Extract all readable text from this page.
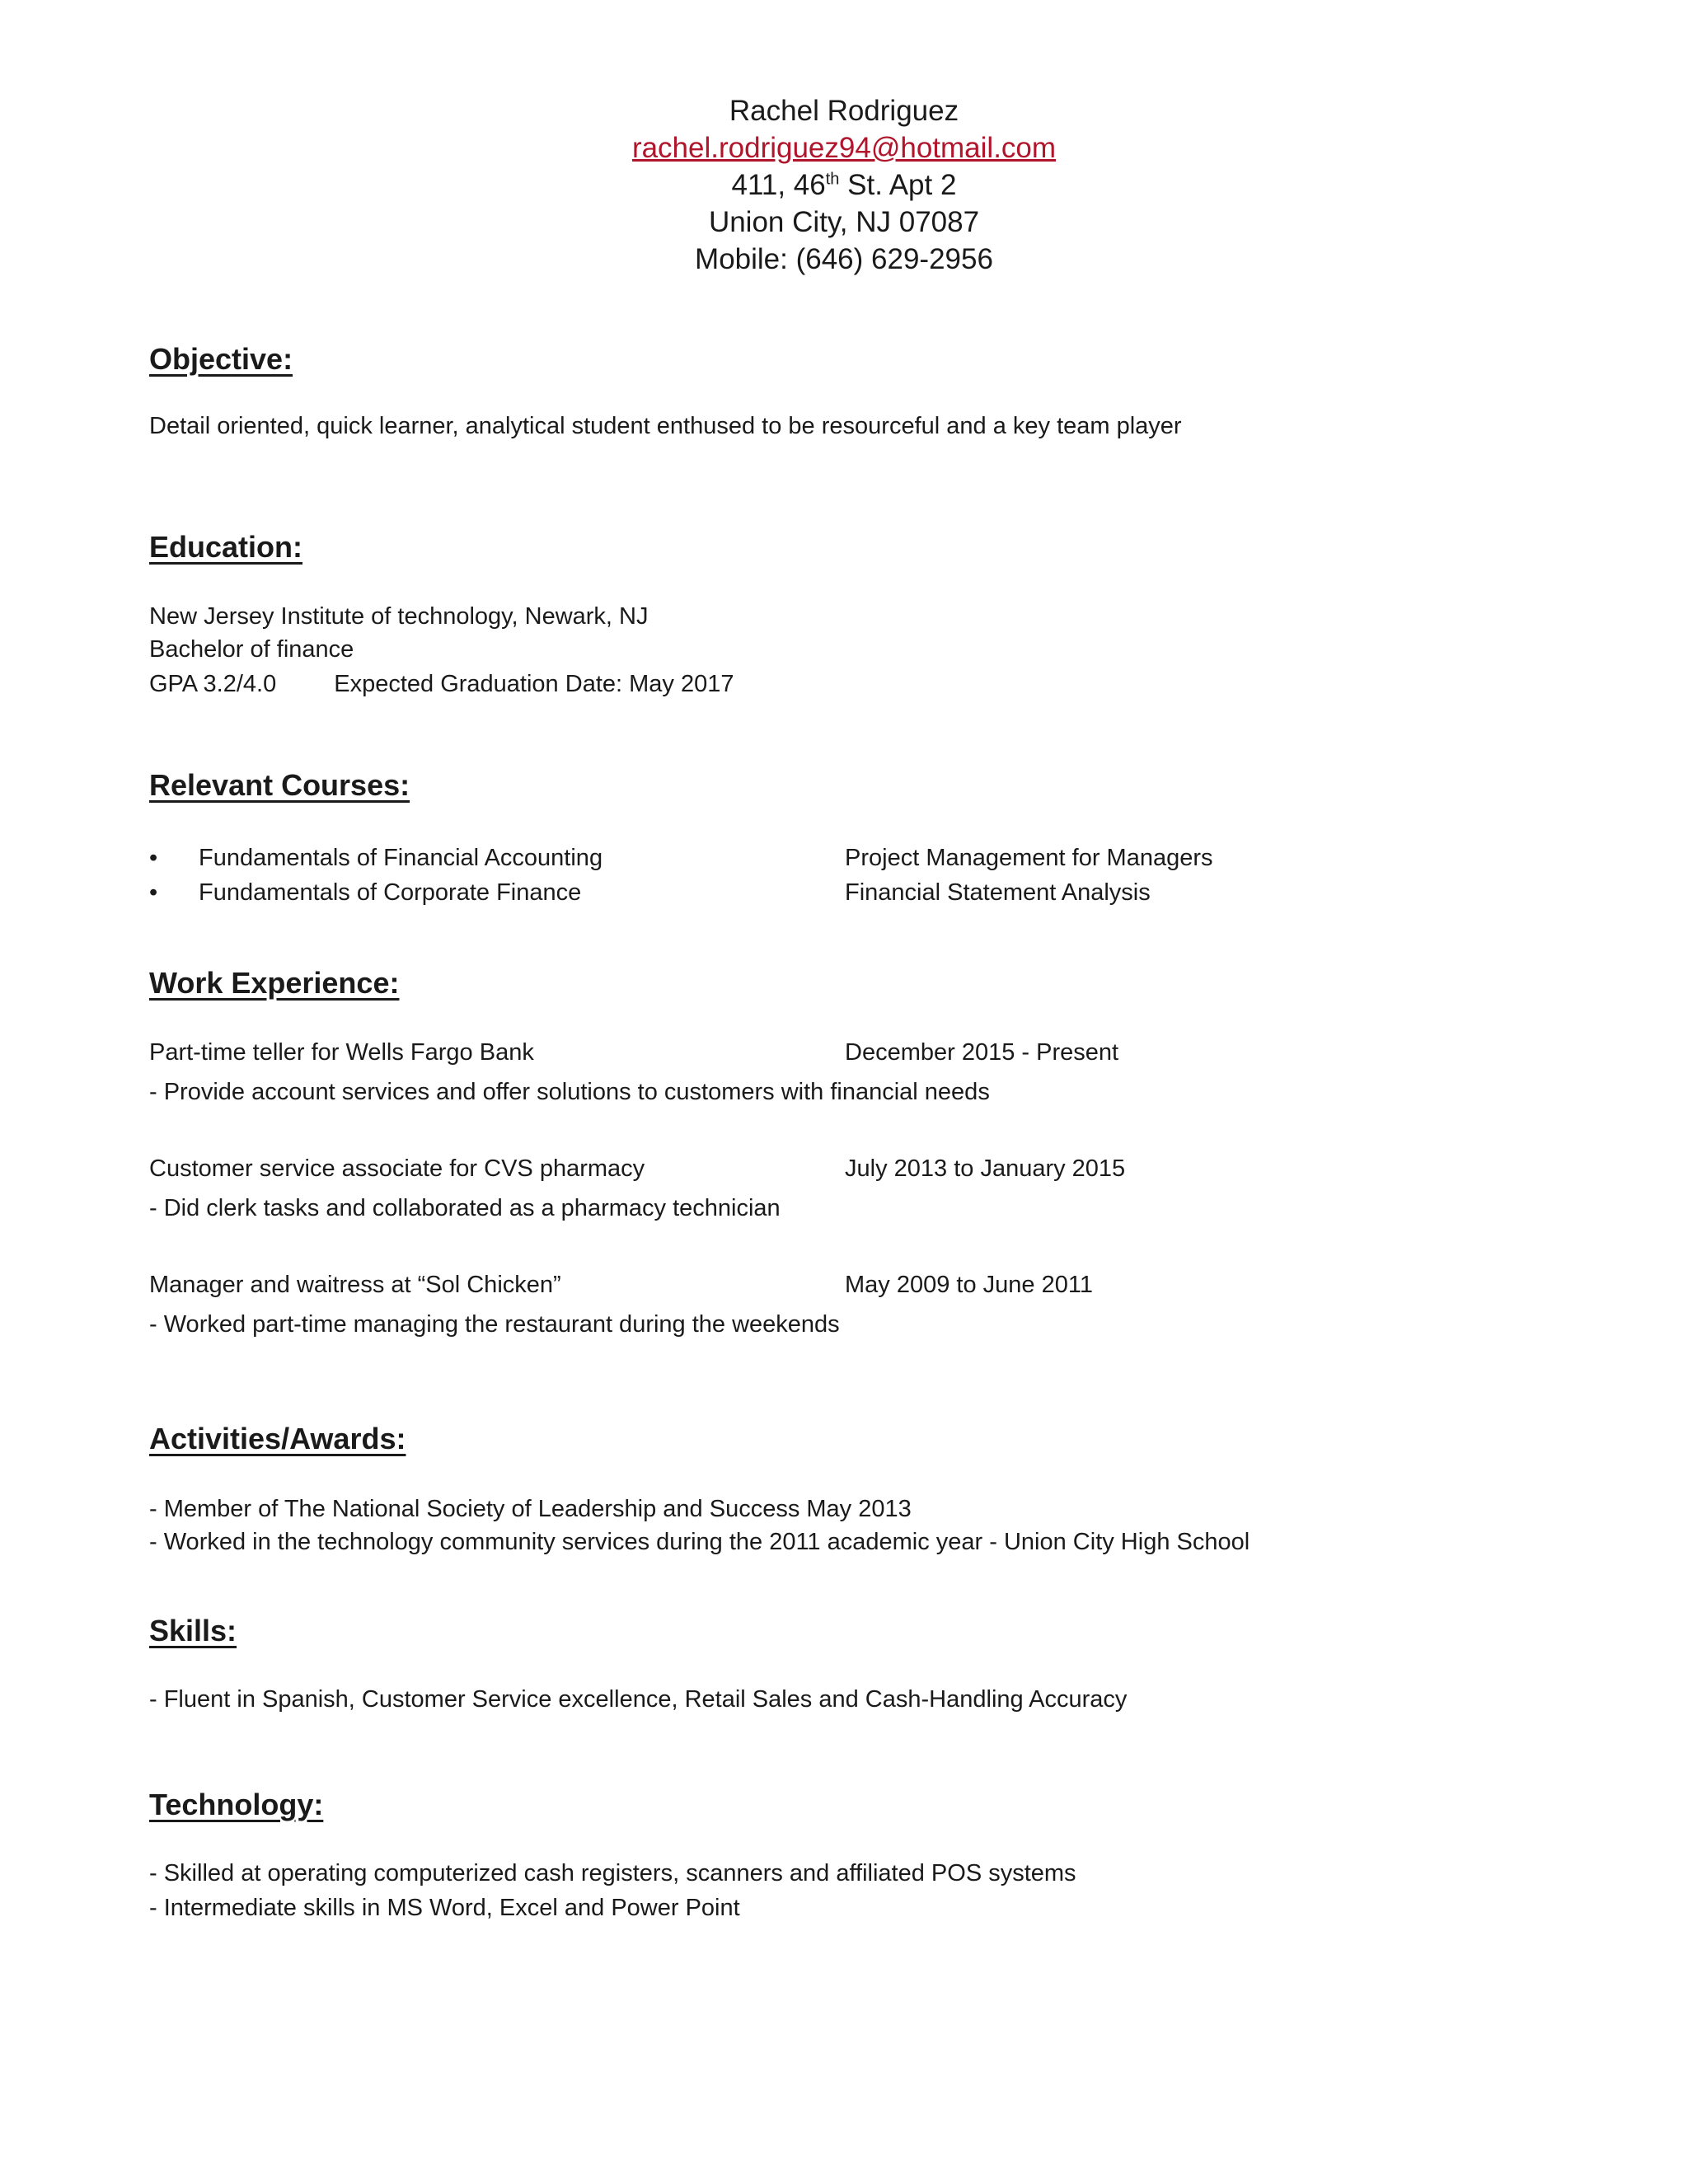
Rachel Rodriguez
rachel.rodriguez94@hotmail.com
411, 46th St. Apt 2
Union City, NJ 07087
Mobile: (646) 629-2956
Objective:
Detail oriented, quick learner, analytical student enthused to be resourceful and a key team player
Education:
New Jersey Institute of technology, Newark, NJ
Bachelor of finance
GPA 3.2/4.0 Expected Graduation Date: May 2017
Relevant Courses:
• Fundamentals of Financial Accounting	Project Management for Managers
• Fundamentals of Corporate Finance	Financial Statement Analysis
Work Experience:
Part-time teller for Wells Fargo Bank	December 2015 - Present
- Provide account services and offer solutions to customers with financial needs
Customer service associate for CVS pharmacy	July 2013 to January 2015
- Did clerk tasks and collaborated as a pharmacy technician
Manager and waitress at “Sol Chicken”	May 2009 to June 2011
- Worked part-time managing the restaurant during the weekends
Activities/Awards:
- Member of The National Society of Leadership and Success May 2013
- Worked in the technology community services during the 2011 academic year - Union City High School
Skills:
- Fluent in Spanish, Customer Service excellence, Retail Sales and Cash-Handling Accuracy
Technology:
- Skilled at operating computerized cash registers, scanners and affiliated POS systems
- Intermediate skills in MS Word, Excel and Power Point
